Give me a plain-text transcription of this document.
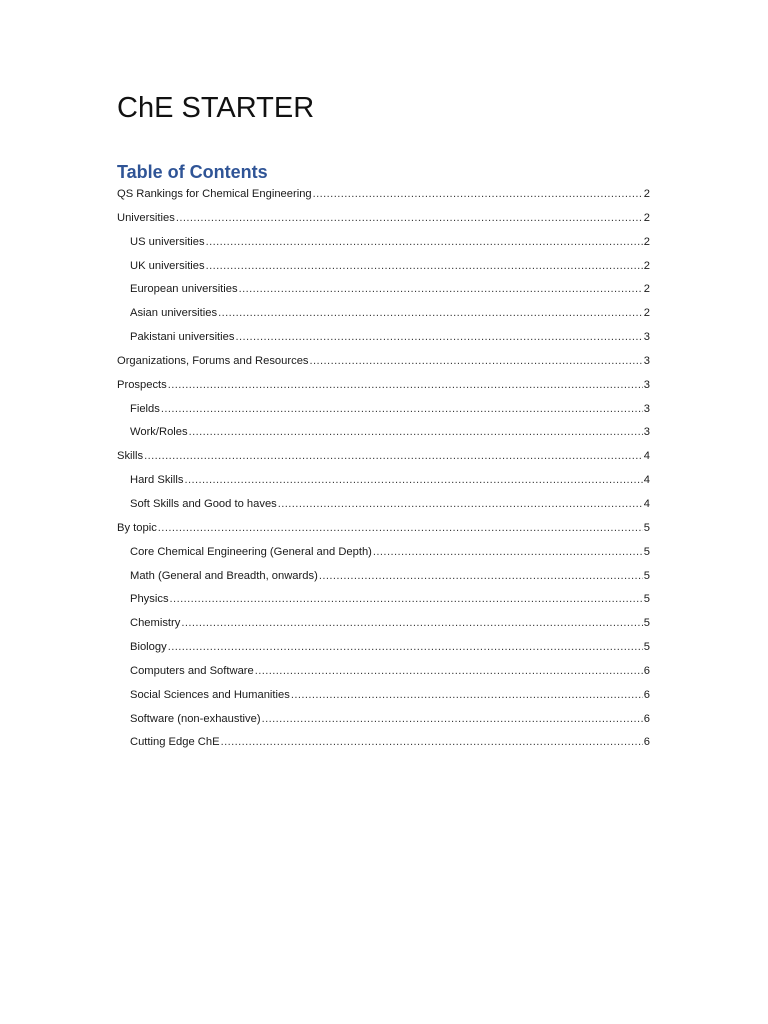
ChE STARTER
Table of Contents
QS Rankings for Chemical Engineering .....	2
Universities .....	2
US universities .....	2
UK universities .....	2
European universities .....	2
Asian universities .....	2
Pakistani universities .....	3
Organizations, Forums and Resources .....	3
Prospects .....	3
Fields .....	3
Work/Roles .....	3
Skills .....	4
Hard Skills .....	4
Soft Skills and Good to haves .....	4
By topic .....	5
Core Chemical Engineering (General and Depth) .....	5
Math (General and Breadth, onwards) .....	5
Physics .....	5
Chemistry .....	5
Biology .....	5
Computers and Software .....	6
Social Sciences and Humanities .....	6
Software (non-exhaustive) .....	6
Cutting Edge ChE .....	6
